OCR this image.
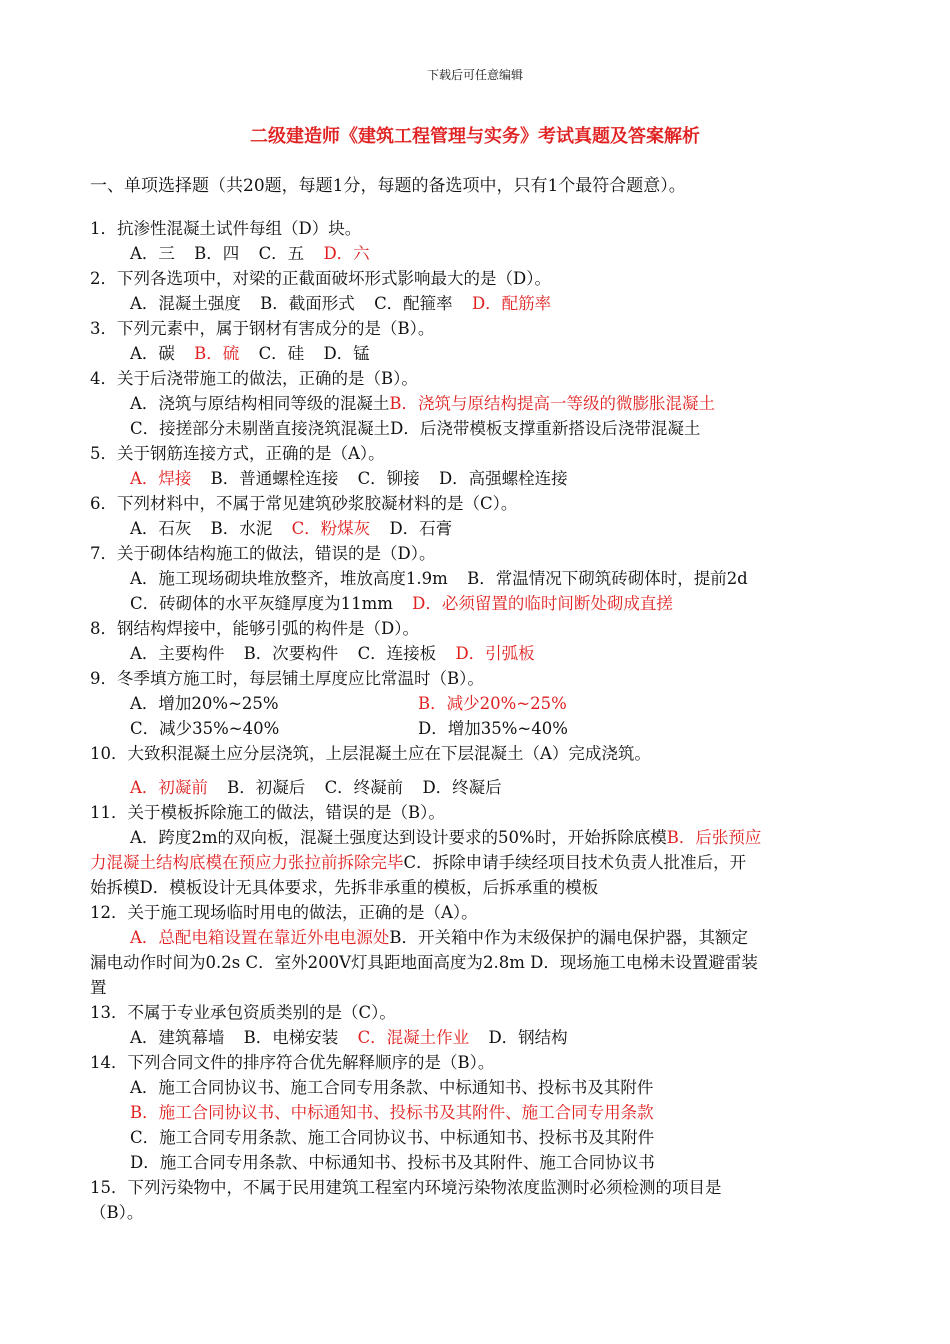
下载后可任意编辑
二级建造师《建筑工程管理与实务》考试真题及答案解析
一、单项选择题（共20题，每题1分，每题的备选项中，只有1个最符合题意）。
1．抗渗性混凝土试件每组（D）块。
A．三 B．四 C．五 D．六
2．下列各选项中，对梁的正截面破坏形式影响最大的是（D）。
A．混凝土强度 B．截面形式 C．配箍率 D．配筋率
3．下列元素中，属于钢材有害成分的是（B）。
A．碳 B．硫 C．硅 D．锰
4．关于后浇带施工的做法，正确的是（B）。
A．浇筑与原结构相同等级的混凝土B．浇筑与原结构提高一等级的微膨胀混凝土
C．接搓部分未剔凿直接浇筑混凝土D．后浇带模板支撑重新搭设后浇带混凝土
5．关于钢筋连接方式，正确的是（A）。
A．焊接 B．普通螺栓连接 C．铆接 D．高强螺栓连接
6．下列材料中，不属于常见建筑砂浆胶凝材料的是（C）。
A．石灰 B．水泥 C．粉煤灰 D．石膏
7．关于砌体结构施工的做法，错误的是（D）。
A．施工现场砌块堆放整齐，堆放高度1.9m B．常温情况下砌筑砖砌体时，提前2d
C．砖砌体的水平灰缝厚度为11mm D．必须留置的临时间断处砌成直搓
8．钢结构焊接中，能够引弧的构件是（D）。
A．主要构件 B．次要构件 C．连接板 D．引弧板
9．冬季填方施工时，每层铺土厚度应比常温时（B）。
A．增加20%~25%	B．减少20%~25%
C．减少35%~40%	D．增加35%~40%
10．大致积混凝土应分层浇筑，上层混凝土应在下层混凝土（A）完成浇筑。
A．初凝前 B．初凝后 C．终凝前 D．终凝后
11．关于模板拆除施工的做法，错误的是（B）。
A．跨度2m的双向板，混凝土强度达到设计要求的50%时，开始拆除底模B．后张预应
力混凝土结构底模在预应力张拉前拆除完毕C．拆除申请手续经项目技术负责人批准后，开
始拆模D．模板设计无具体要求，先拆非承重的模板，后拆承重的模板
12．关于施工现场临时用电的做法，正确的是（A）。
A．总配电箱设置在靠近外电电源处B．开关箱中作为末级保护的漏电保护器，其额定
漏电动作时间为0.2s C．室外200V灯具距地面高度为2.8m D．现场施工电梯未设置避雷装
置
13．不属于专业承包资质类别的是（C）。
A．建筑幕墙 B．电梯安装 C．混凝土作业 D．钢结构
14．下列合同文件的排序符合优先解释顺序的是（B）。
A．施工合同协议书、施工合同专用条款、中标通知书、投标书及其附件
B．施工合同协议书、中标通知书、投标书及其附件、施工合同专用条款
C．施工合同专用条款、施工合同协议书、中标通知书、投标书及其附件
D．施工合同专用条款、中标通知书、投标书及其附件、施工合同协议书
15．下列污染物中，不属于民用建筑工程室内环境污染物浓度监测时必须检测的项目是
（B）。
